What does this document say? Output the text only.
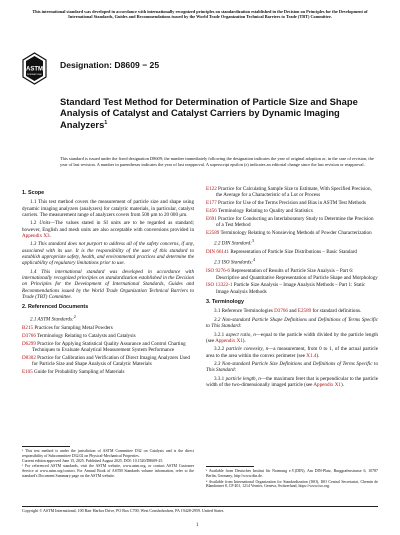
This international standard was developed in accordance with internationally recognized principles on standardization established in the Decision on Principles for the Development of International Standards, Guides and Recommendations issued by the World Trade Organization Technical Barriers to Trade (TBT) Committee.
ASTM
INTERNATIONAL
Designation: D8609 − 25
Standard Test Method for Determination of Particle Size and Shape Analysis of Catalyst and Catalyst Carriers by Dynamic Imaging Analyzers$^1$
This standard is issued under the fixed designation D8609; the number immediately following the designation indicates the year of original adoption or, in the case of revision, the year of last revision. A number in parentheses indicates the year of last reapproval. A superscript epsilon (ε) indicates an editorial change since the last revision or reapproval.
1. Scope

1.1 This test method covers the measurement of particle size and shape using dynamic imaging analyzers (analyzers) for catalytic materials, in particular, catalyst carriers. The measurement range of analyzers covers from 500 µm to 20 000 µm.

1.2 Units—The values stated in SI units are to be regarded as standard; however, English and mesh units are also acceptable with conversions provided in Appendix X3.

1.3 This standard does not purport to address all of the safety concerns, if any, associated with its use. It is the responsibility of the user of this standard to establish appropriate safety, health, and environmental practices and determine the applicability of regulatory limitations prior to use.

1.4 This international standard was developed in accordance with internationally recognized principles on standardization established in the Decision on Principles for the Development of International Standards, Guides and Recommendations issued by the World Trade Organization Technical Barriers to Trade (TBT) Committee.

2. Referenced Documents

2.1 ASTM Standards:$^2$

B215 Practices for Sampling Metal Powders
D3766 Terminology Relating to Catalysts and Catalysis
D6299 Practice for Applying Statistical Quality Assurance and Control Charting Techniques to Evaluate Analytical Measurement System Performance
D8302 Practice for Calibration and Verification of Direct Imaging Analyzers Used for Particle Size and Shape Analysis of Catalytic Materials
E105 Guide for Probability Sampling of Materials
¹ This test method is under the jurisdiction of ASTM Committee D32 on Catalysts and is the direct responsibility of Subcommittee D32.02 on Physical-Mechanical Properties.
Current edition approved June 15, 2025. Published August 2025. DOI: 10.1520/D8609-25.
² For referenced ASTM standards, visit the ASTM website, www.astm.org, or contact ASTM Customer Service at www.astm.org/contact. For Annual Book of ASTM Standards volume information, refer to the standard's Document Summary page on the ASTM website.
E122 Practice for Calculating Sample Size to Estimate, With Specified Precision, the Average for a Characteristic of a Lot or Process
E177 Practice for Use of the Terms Precision and Bias in ASTM Test Methods
E456 Terminology Relating to Quality and Statistics
E691 Practice for Conducting an Interlaboratory Study to Determine the Precision of a Test Method
E2589 Terminology Relating to Nonsieving Methods of Powder Characterization

2.2 DIN Standard:$^3$

DIN 66141 Representation of Particle Size Distributions – Basic Standard

2.3 ISO Standards:$^4$

ISO 9276-6 Representation of Results of Particle Size Analysis – Part 6: Descriptive and Quantitative Representation of Particle Shape and Morphology
ISO 13322-1 Particle Size Analysis – Image Analysis Methods – Part 1: Static Image Analysis Methods
3. Terminology

3.1 Reference Terminologies D3766 and E2589 for standard definitions.

3.2 Non-standard Particle Shape Definitions and Definitions of Terms Specific to This Standard:

3.2.1 aspect ratio, n—equal to the particle width divided by the particle length (see Appendix X1).

3.2.2 particle convexity, n—a measurement, from 0 to 1, of the actual particle area to the area within the convex perimeter (see X1.4).

3.3 Non-standard Particle Size Definitions and Definitions of Terms Specific to This Standard:

3.3.1 particle length, n—the maximum feret that is perpendicular to the particle width of the two-dimensionally imaged particle (see Appendix X1).

³ Available from Deutsches Institut für Normung e.V.(DIN), Am DIN-Platz, Burggrafenstrasse 6, 10787 Berlin, Germany, http://www.din.de.
⁴ Available from International Organization for Standardization (ISO), ISO Central Secretariat, Chemin de Blandonnet 8, CP 401, 1214 Vernier, Geneva, Switzerland, https://www.iso.org.
Copyright © ASTM International, 100 Barr Harbor Drive, PO Box C700, West Conshohocken, PA 19428-2959. United States
1
